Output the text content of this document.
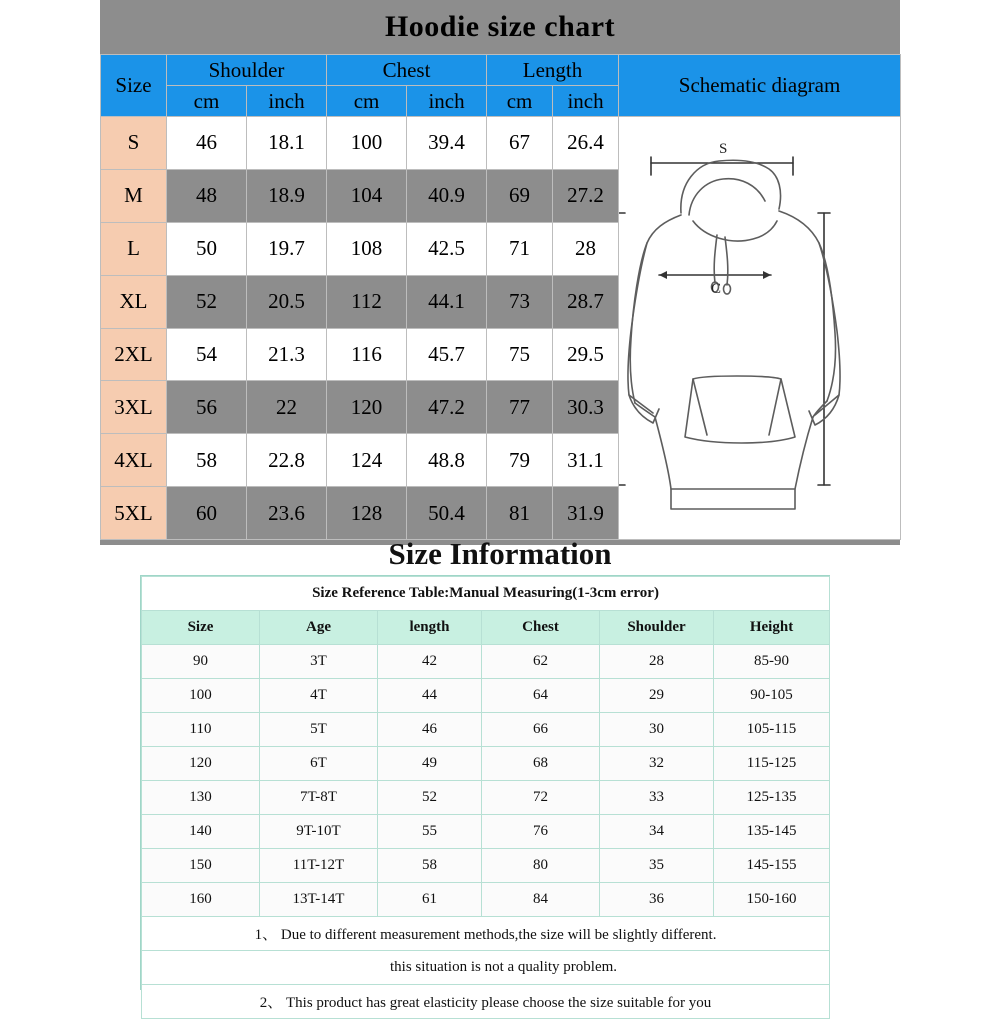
Hoodie size chart
Size	Shoulder		Chest		Length		Schematic diagram
	cm	inch	cm	inch	cm	inch	
S	46	18.1	100	39.4	67	26.4	S
C

M	48	18.9	104	40.9	69	27.2	
L	50	19.7	108	42.5	71	28	
XL	52	20.5	112	44.1	73	28.7	
2XL	54	21.3	116	45.7	75	29.5	
3XL	56	22	120	47.2	77	30.3	
4XL	58	22.8	124	48.8	79	31.1	
5XL	60	23.6	128	50.4	81	31.9	
Size Information
Size Reference Table:Manual Measuring(1-3cm error)					
Size	Age	length	Chest	Shoulder	Height
90	3T	42	62	28	85-90
100	4T	44	64	29	90-105
110	5T	46	66	30	105-115
120	6T	49	68	32	115-125
130	7T-8T	52	72	33	125-135
140	9T-10T	55	76	34	135-145
150	11T-12T	58	80	35	145-155
160	13T-14T	61	84	36	150-160
1、 Due to different measurement methods,the size will be slightly different.					
this situation is not a quality problem.					
2、 This product has great elasticity please choose the size suitable for you					
